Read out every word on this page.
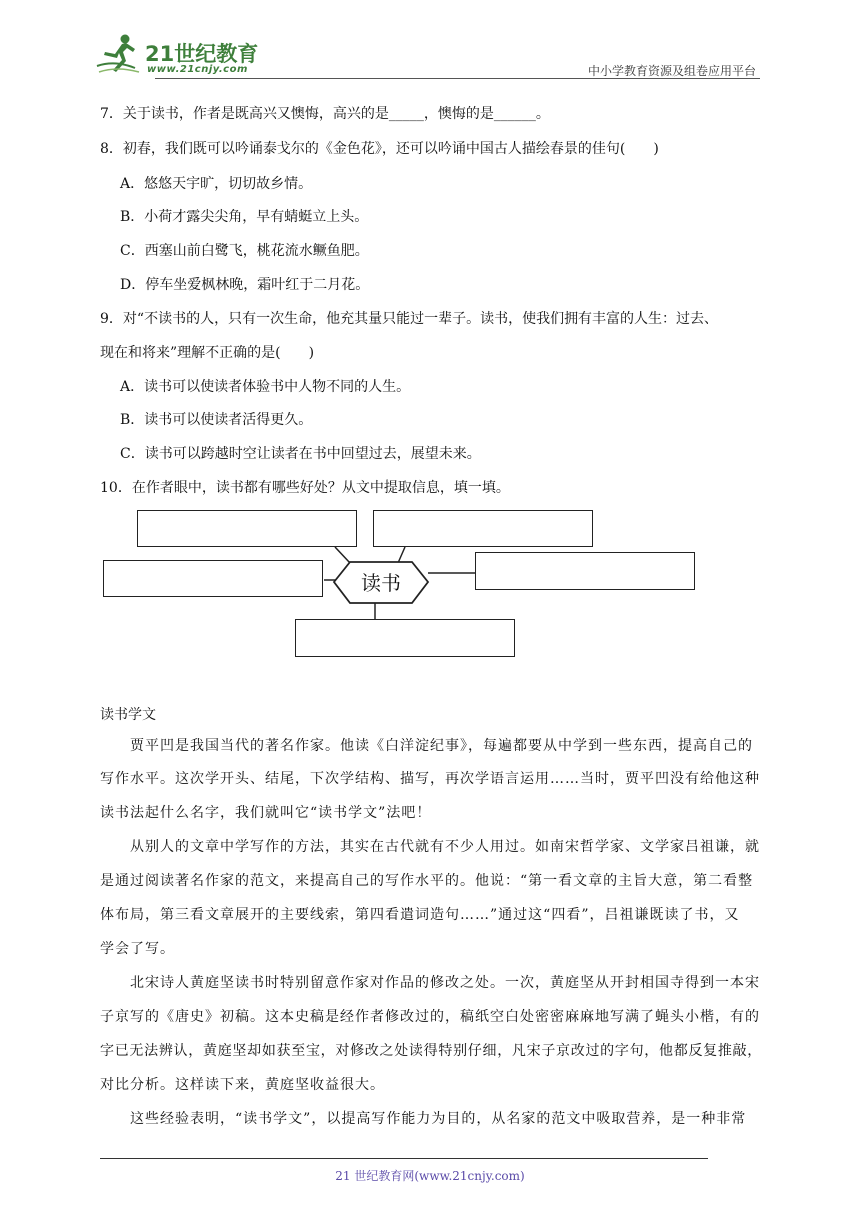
21世纪教育
www.21cnjy.com	中小学教育资源及组卷应用平台
7．关于读书，作者是既高兴又懊悔，高兴的是_____，懊悔的是______。
8．初春，我们既可以吟诵泰戈尔的《金色花》，还可以吟诵中国古人描绘春景的佳句(　　)
A．悠悠天宇旷，切切故乡情。
B．小荷才露尖尖角，早有蜻蜓立上头。
C．西塞山前白鹭飞，桃花流水鳜鱼肥。
D．停车坐爱枫林晚，霜叶红于二月花。
9．对“不读书的人，只有一次生命，他充其量只能过一辈子。读书，使我们拥有丰富的人生：过去、
现在和将来”理解不正确的是(　　)
A．读书可以使读者体验书中人物不同的人生。
B．读书可以使读者活得更久。
C．读书可以跨越时空让读者在书中回望过去，展望未来。
10．在作者眼中，读书都有哪些好处？从文中提取信息，填一填。
读书
读书学文
贾平凹是我国当代的著名作家。他读《白洋淀纪事》，每遍都要从中学到一些东西，提高自己的
写作水平。这次学开头、结尾，下次学结构、描写，再次学语言运用……当时，贾平凹没有给他这种
读书法起什么名字，我们就叫它“读书学文”法吧！
从别人的文章中学写作的方法，其实在古代就有不少人用过。如南宋哲学家、文学家吕祖谦，就
是通过阅读著名作家的范文，来提高自己的写作水平的。他说：“第一看文章的主旨大意，第二看整
体布局，第三看文章展开的主要线索，第四看遣词造句……”通过这“四看”，吕祖谦既读了书，又
学会了写。
北宋诗人黄庭坚读书时特别留意作家对作品的修改之处。一次，黄庭坚从开封相国寺得到一本宋
子京写的《唐史》初稿。这本史稿是经作者修改过的，稿纸空白处密密麻麻地写满了蝇头小楷，有的
字已无法辨认，黄庭坚却如获至宝，对修改之处读得特别仔细，凡宋子京改过的字句，他都反复推敲，
对比分析。这样读下来，黄庭坚收益很大。
这些经验表明，“读书学文”，以提高写作能力为目的，从名家的范文中吸取营养，是一种非常
21 世纪教育网(www.21cnjy.com)
